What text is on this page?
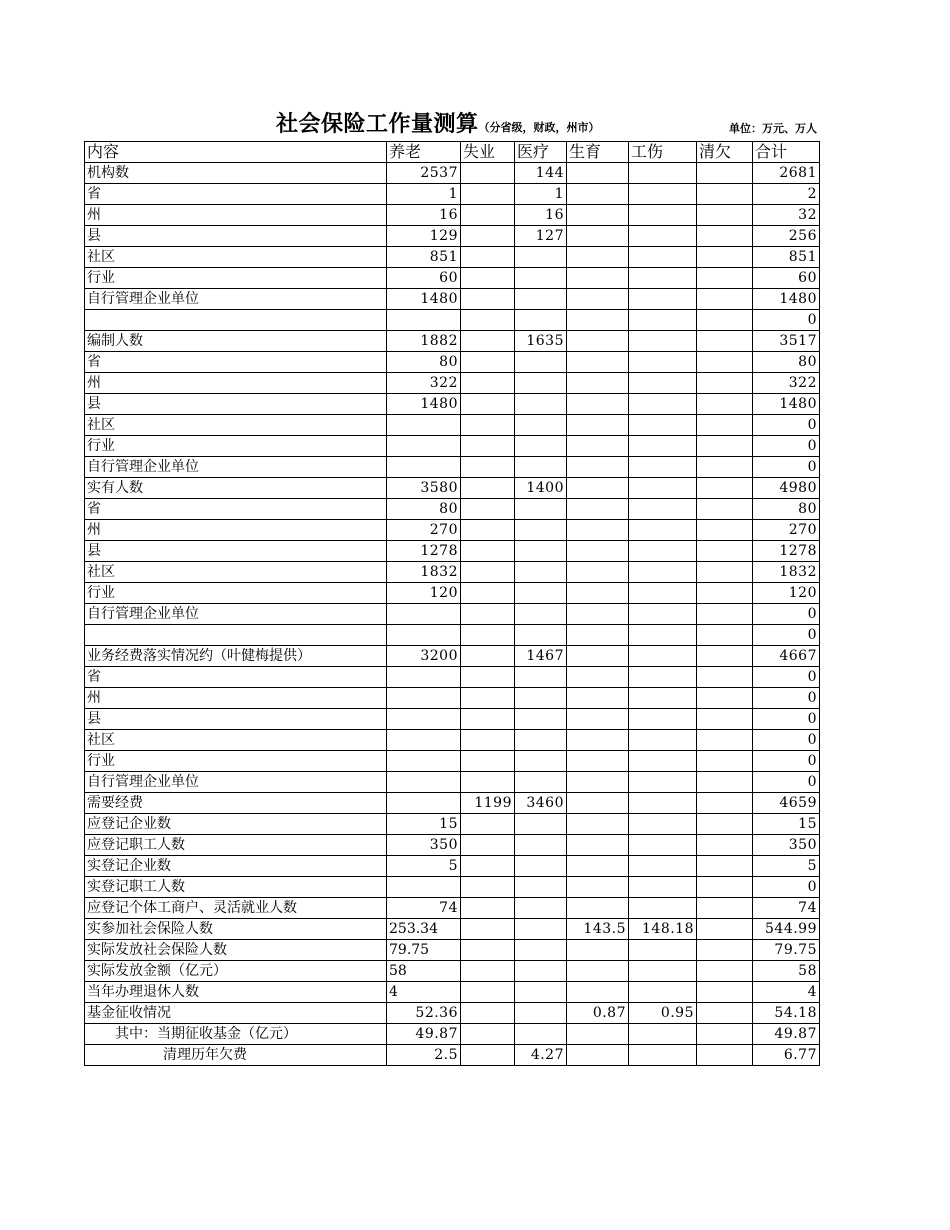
社会保险工作量测算（分省级，财政，州市）	单位：万元、万人
内容	养老	失业	医疗	生育	工伤	清欠	合计
机构数	2537		144				2681
省	1		1				2
州	16		16				32
县	129		127				256
社区	851						851
行业	60						60
自行管理企业单位	1480						1480
							0
编制人数	1882		1635				3517
省	80						80
州	322						322
县	1480						1480
社区							0
行业							0
自行管理企业单位							0
实有人数	3580		1400				4980
省	80						80
州	270						270
县	1278						1278
社区	1832						1832
行业	120						120
自行管理企业单位							0
							0
业务经费落实情况约（叶健梅提供）	3200		1467				4667
省							0
州							0
县							0
社区							0
行业							0
自行管理企业单位							0
需要经费		1199	3460				4659
应登记企业数	15						15
应登记职工人数	350						350
实登记企业数	5						5
实登记职工人数							0
应登记个体工商户、灵活就业人数	74						74
实参加社会保险人数	253.34			143.5	148.18		544.99
实际发放社会保险人数	79.75						79.75
实际发放金额（亿元）	58						58
当年办理退休人数	4						4
基金征收情况	52.36			0.87	0.95		54.18
其中：当期征收基金（亿元）	49.87						49.87
清理历年欠费	2.5		4.27				6.77
